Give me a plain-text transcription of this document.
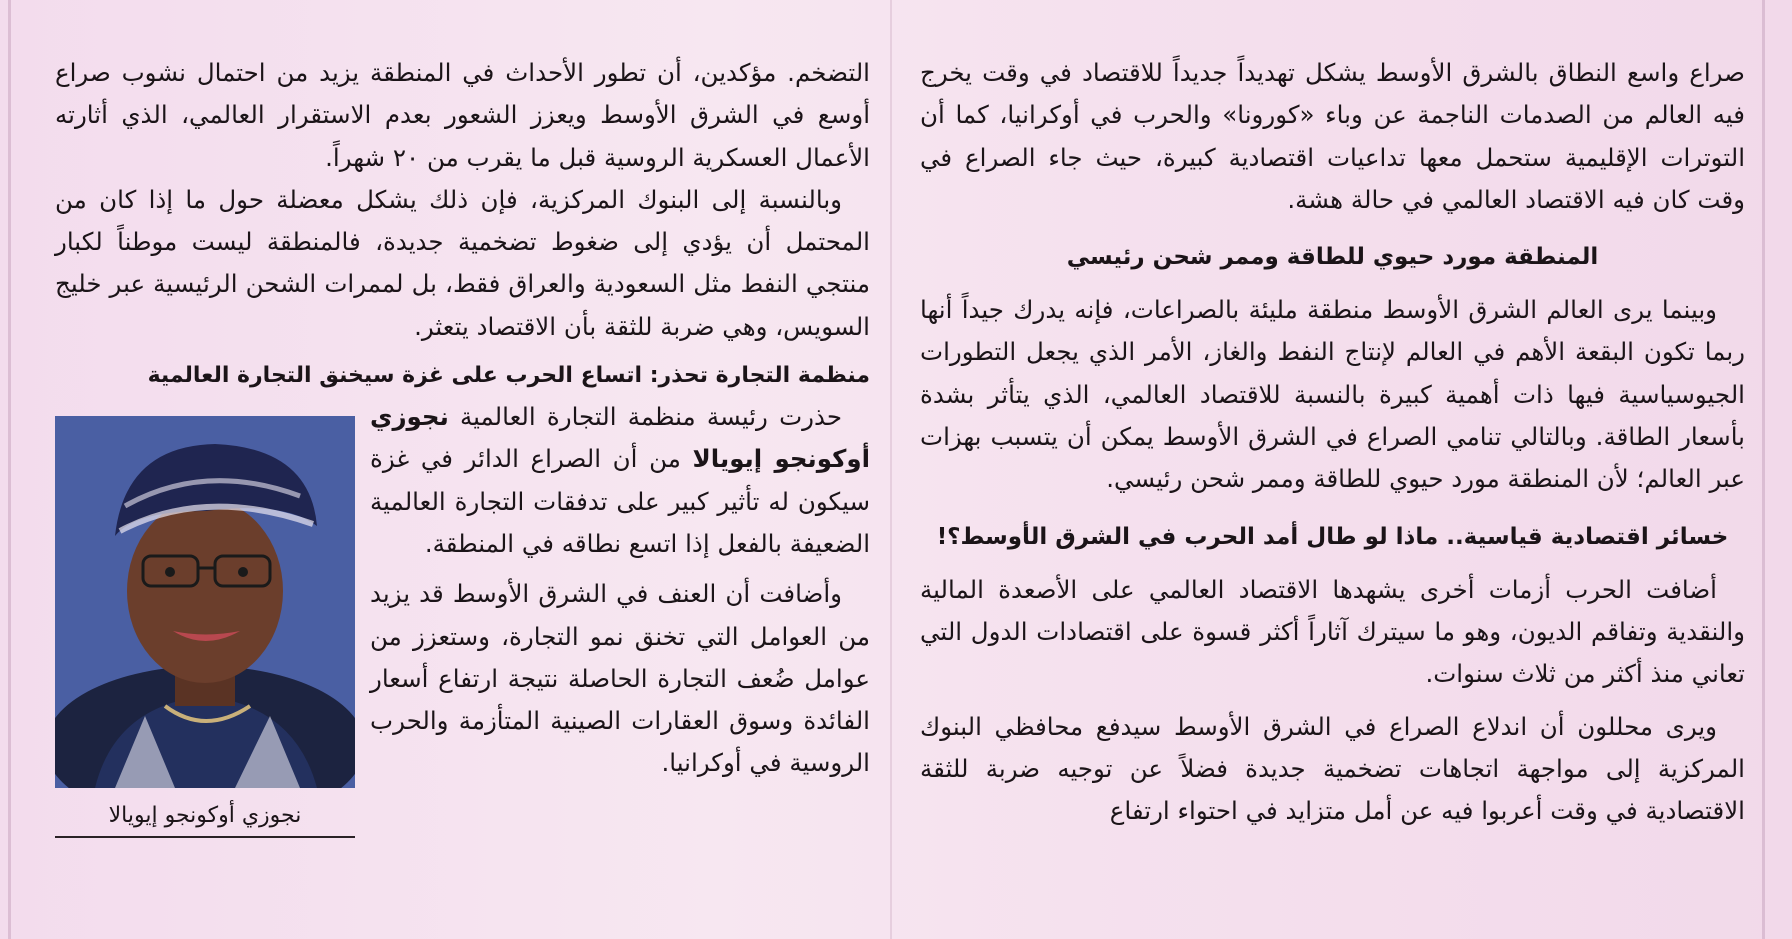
صراع واسع النطاق بالشرق الأوسط يشكل تهديداً جديداً للاقتصاد في وقت يخرج فيه العالم من الصدمات الناجمة عن وباء «كورونا» والحرب في أوكرانيا، كما أن التوترات الإقليمية ستحمل معها تداعيات اقتصادية كبيرة، حيث جاء الصراع في وقت كان فيه الاقتصاد العالمي في حالة هشة.

المنطقة مورد حيوي للطاقة وممر شحن رئيسي

وبينما يرى العالم الشرق الأوسط منطقة مليئة بالصراعات، فإنه يدرك جيداً أنها ربما تكون البقعة الأهم في العالم لإنتاج النفط والغاز، الأمر الذي يجعل التطورات الجيوسياسية فيها ذات أهمية كبيرة بالنسبة للاقتصاد العالمي، الذي يتأثر بشدة بأسعار الطاقة. وبالتالي تنامي الصراع في الشرق الأوسط يمكن أن يتسبب بهزات عبر العالم؛ لأن المنطقة مورد حيوي للطاقة وممر شحن رئيسي.

خسائر اقتصادية قياسية.. ماذا لو طال أمد الحرب في الشرق الأوسط؟!

أضافت الحرب أزمات أخرى يشهدها الاقتصاد العالمي على الأصعدة المالية والنقدية وتفاقم الديون، وهو ما سيترك آثاراً أكثر قسوة على اقتصادات الدول التي تعاني منذ أكثر من ثلاث سنوات.

ويرى محللون أن اندلاع الصراع في الشرق الأوسط سيدفع محافظي البنوك المركزية إلى مواجهة اتجاهات تضخمية جديدة فضلاً عن توجيه ضربة للثقة الاقتصادية في وقت أعربوا فيه عن أمل متزايد في احتواء ارتفاع

التضخم. مؤكدين، أن تطور الأحداث في المنطقة يزيد من احتمال نشوب صراع أوسع في الشرق الأوسط ويعزز الشعور بعدم الاستقرار العالمي، الذي أثارته الأعمال العسكرية الروسية قبل ما يقرب من ٢٠ شهراً.

وبالنسبة إلى البنوك المركزية، فإن ذلك يشكل معضلة حول ما إذا كان من المحتمل أن يؤدي إلى ضغوط تضخمية جديدة، فالمنطقة ليست موطناً لكبار منتجي النفط مثل السعودية والعراق فقط، بل لممرات الشحن الرئيسية عبر خليج السويس، وهي ضربة للثقة بأن الاقتصاد يتعثر.

منظمة التجارة تحذر: اتساع الحرب على غزة سيخنق التجارة العالمية

حذرت رئيسة منظمة التجارة العالمية نجوزي أوكونجو إيويالا من أن الصراع الدائر في غزة سيكون له تأثير كبير على تدفقات التجارة العالمية الضعيفة بالفعل إذا اتسع نطاقه في المنطقة.

وأضافت أن العنف في الشرق الأوسط قد يزيد من العوامل التي تخنق نمو التجارة، وستعزز من عوامل ضُعف التجارة الحاصلة نتيجة ارتفاع أسعار الفائدة وسوق العقارات الصينية المتأزمة والحرب الروسية في أوكرانيا.

نجوزي أوكونجو إيويالا
